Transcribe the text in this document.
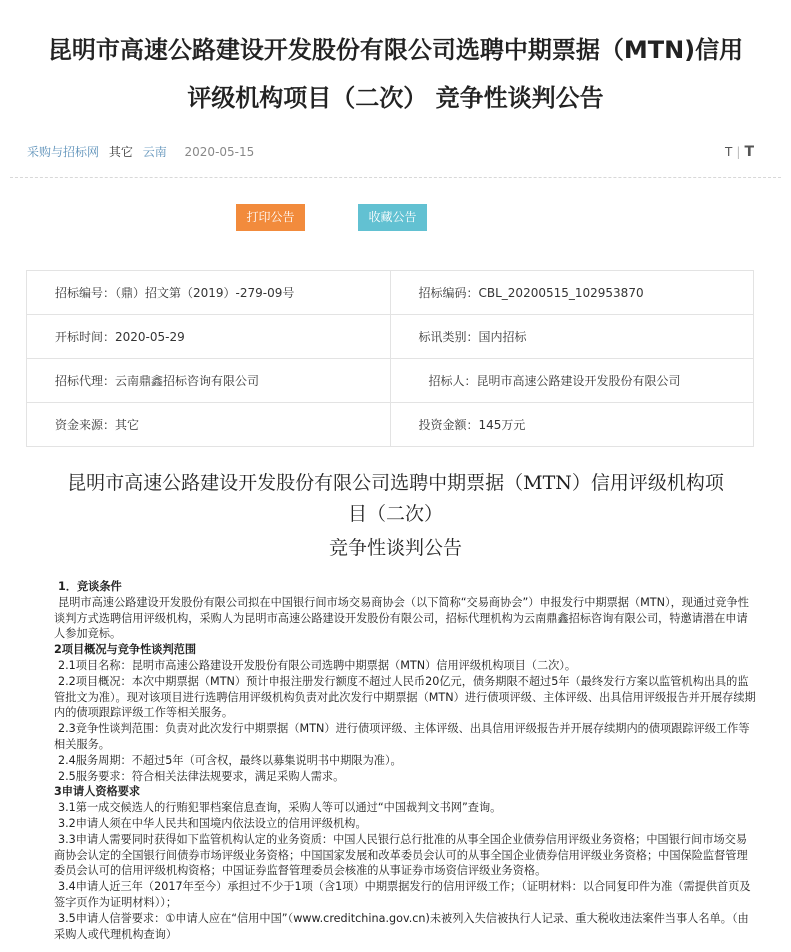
昆明市高速公路建设开发股份有限公司选聘中期票据（MTN)信用
评级机构项目（二次） 竞争性谈判公告
采购与招标网 其它 云南 2020-05-15	T | T
打印公告	收藏公告
招标编号：（鼎）招文第（2019）-279-09号	招标编码：CBL_20200515_102953870
开标时间：2020-05-29	标讯类别：国内招标
招标代理：云南鼎鑫招标咨询有限公司	招标人：昆明市高速公路建设开发股份有限公司
资金来源：其它	投资金额：145万元
昆明市高速公路建设开发股份有限公司选聘中期票据（MTN）信用评级机构项
目（二次）
竞争性谈判公告

1．竞谈条件

昆明市高速公路建设开发股份有限公司拟在中国银行间市场交易商协会（以下简称“交易商协会”）申报发行中期票据（MTN），现通过竞争性谈判方式选聘信用评级机构，采购人为昆明市高速公路建设开发股份有限公司，招标代理机构为云南鼎鑫招标咨询有限公司，特邀请潜在申请人参加竞标。

2项目概况与竞争性谈判范围

2.1项目名称：昆明市高速公路建设开发股份有限公司选聘中期票据（MTN）信用评级机构项目（二次）。

2.2项目概况：本次中期票据（MTN）预计申报注册发行额度不超过人民币20亿元，债务期限不超过5年（最终发行方案以监管机构出具的监管批文为准）。现对该项目进行选聘信用评级机构负责对此次发行中期票据（MTN）进行债项评级、主体评级、出具信用评级报告并开展存续期内的债项跟踪评级工作等相关服务。

2.3竞争性谈判范围：负责对此次发行中期票据（MTN）进行债项评级、主体评级、出具信用评级报告并开展存续期内的债项跟踪评级工作等相关服务。

2.4服务周期：不超过5年（可含权，最终以募集说明书中期限为准）。

2.5服务要求：符合相关法律法规要求，满足采购人需求。

3申请人资格要求

3.1第一成交候选人的行贿犯罪档案信息查询，采购人等可以通过“中国裁判文书网”查询。

3.2申请人须在中华人民共和国境内依法设立的信用评级机构。

3.3申请人需要同时获得如下监管机构认定的业务资质：中国人民银行总行批准的从事全国企业债券信用评级业务资格；中国银行间市场交易商协会认定的全国银行间债券市场评级业务资格；中国国家发展和改革委员会认可的从事全国企业债券信用评级业务资格；中国保险监督管理委员会认可的信用评级机构资格；中国证券监督管理委员会核准的从事证券市场资信评级业务资格。

3.4申请人近三年（2017年至今）承担过不少于1项（含1项）中期票据发行的信用评级工作；（证明材料：以合同复印件为准（需提供首页及签字页作为证明材料））；

3.5申请人信誉要求：①申请人应在“信用中国”（www.creditchina.gov.cn)未被列入失信被执行人记录、重大税收违法案件当事人名单。（由采购人或代理机构查询）
